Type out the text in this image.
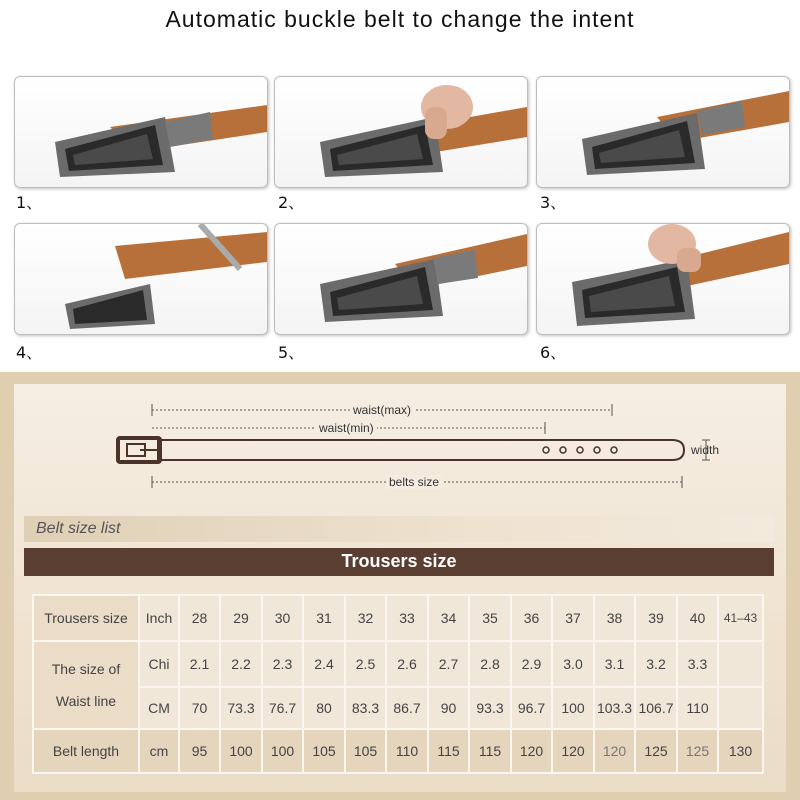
Automatic buckle belt to change the intent
1、	2、	3、
4、	5、	6、
waist(max)
waist(min)
width
belts size
Belt size list
Trousers size
Trousers size	Inch	28	29	30	31	32	33	34	35	36	37	38	39	40	41–43

The size of
Waist line	Chi	2.1	2.2	2.3	2.4	2.5	2.6	2.7	2.8	2.9	3.0	3.1	3.2	3.3	
	CM	70	73.3	76.7	80	83.3	86.7	90	93.3	96.7	100	103.3	106.7	110	
Belt length	cm	95	100	100	105	105	110	115	115	120	120	120	125	125	130
